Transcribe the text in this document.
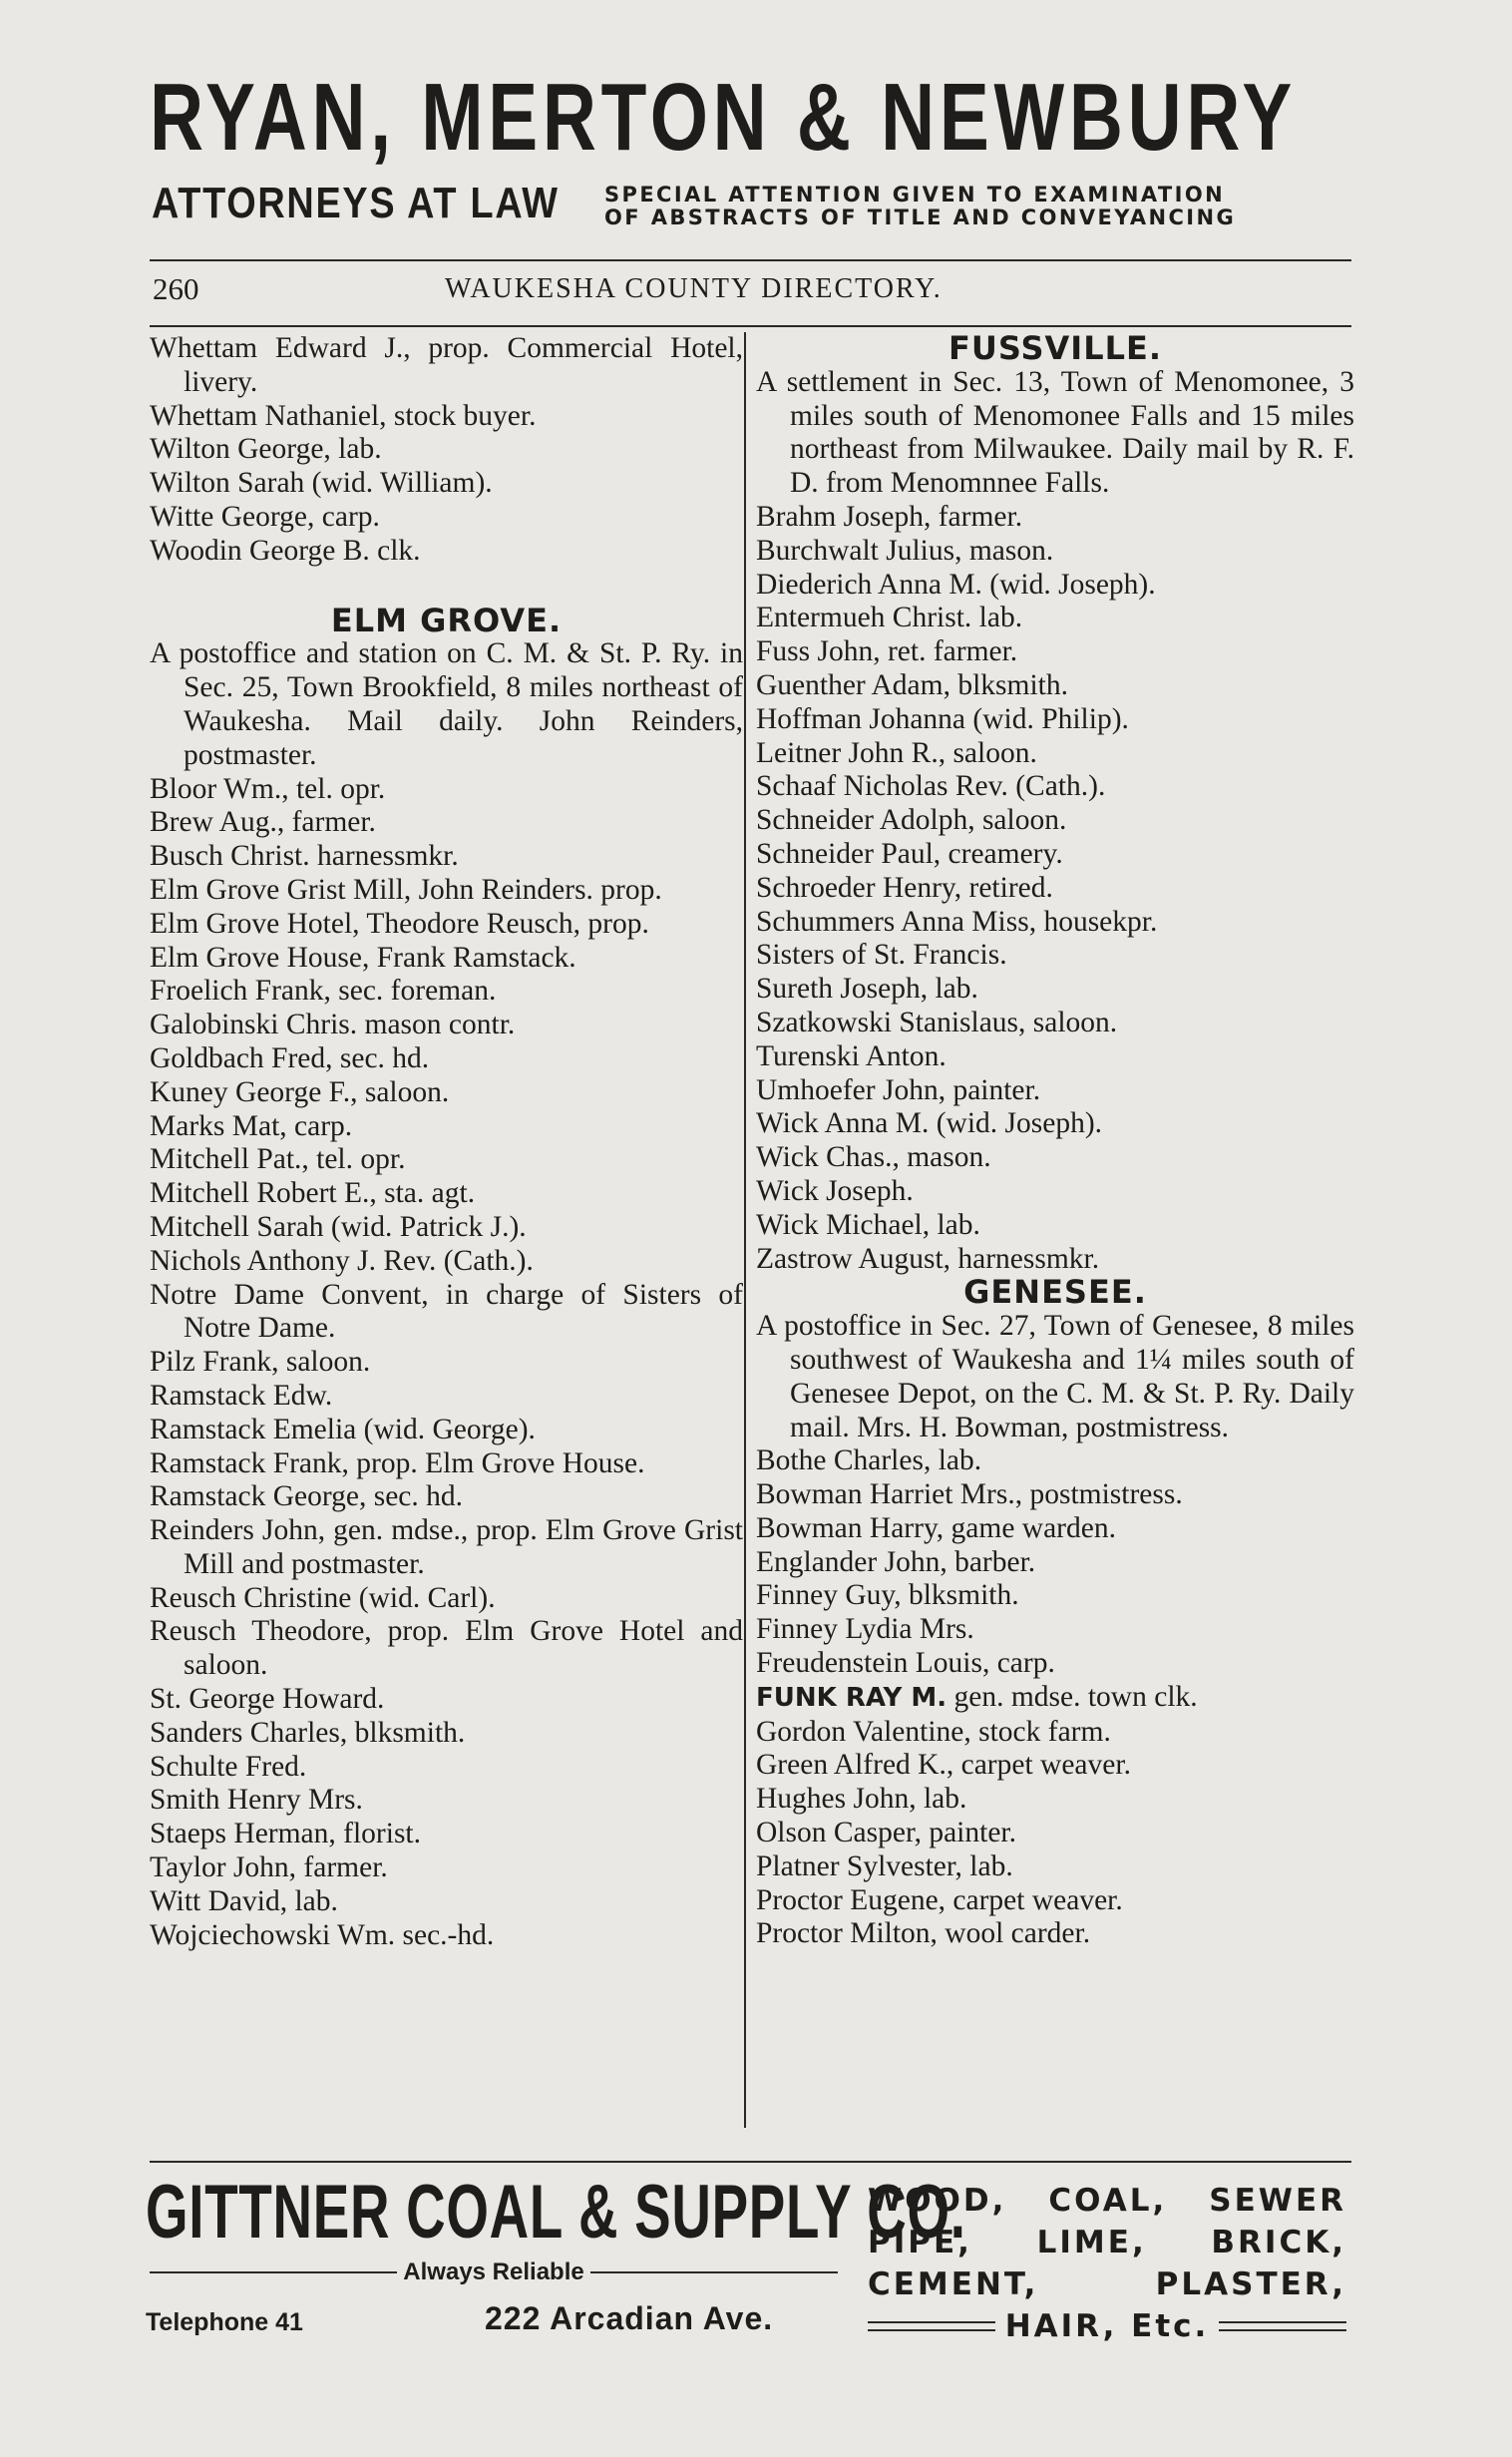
RYAN, MERTON & NEWBURY
ATTORNEYS AT LAW SPECIAL ATTENTION GIVEN TO EXAMINATION
OF ABSTRACTS OF TITLE AND CONVEYANCING
260	WAUKESHA COUNTY DIRECTORY.
Whettam Edward J., prop. Commercial Hotel, livery.
Whettam Nathaniel, stock buyer.
Wilton George, lab.
Wilton Sarah (wid. William).
Witte George, carp.
Woodin George B. clk.
ELM GROVE.
A postoffice and station on C. M. & St. P. Ry. in Sec. 25, Town Brookfield, 8 miles northeast of Waukesha. Mail daily. John Reinders, postmaster.
Bloor Wm., tel. opr.
Brew Aug., farmer.
Busch Christ. harnessmkr.
Elm Grove Grist Mill, John Reinders. prop.
Elm Grove Hotel, Theodore Reusch, prop.
Elm Grove House, Frank Ramstack.
Froelich Frank, sec. foreman.
Galobinski Chris. mason contr.
Goldbach Fred, sec. hd.
Kuney George F., saloon.
Marks Mat, carp.
Mitchell Pat., tel. opr.
Mitchell Robert E., sta. agt.
Mitchell Sarah (wid. Patrick J.).
Nichols Anthony J. Rev. (Cath.).
Notre Dame Convent, in charge of Sisters of Notre Dame.
Pilz Frank, saloon.
Ramstack Edw.
Ramstack Emelia (wid. George).
Ramstack Frank, prop. Elm Grove House.
Ramstack George, sec. hd.
Reinders John, gen. mdse., prop. Elm Grove Grist Mill and postmaster.
Reusch Christine (wid. Carl).
Reusch Theodore, prop. Elm Grove Hotel and saloon.
St. George Howard.
Sanders Charles, blksmith.
Schulte Fred.
Smith Henry Mrs.
Staeps Herman, florist.
Taylor John, farmer.
Witt David, lab.
Wojciechowski Wm. sec.-hd.
FUSSVILLE.
A settlement in Sec. 13, Town of Menomonee, 3 miles south of Menomonee Falls and 15 miles northeast from Milwaukee. Daily mail by R. F. D. from Menomnnee Falls.
Brahm Joseph, farmer.
Burchwalt Julius, mason.
Diederich Anna M. (wid. Joseph).
Entermueh Christ. lab.
Fuss John, ret. farmer.
Guenther Adam, blksmith.
Hoffman Johanna (wid. Philip).
Leitner John R., saloon.
Schaaf Nicholas Rev. (Cath.).
Schneider Adolph, saloon.
Schneider Paul, creamery.
Schroeder Henry, retired.
Schummers Anna Miss, housekpr.
Sisters of St. Francis.
Sureth Joseph, lab.
Szatkowski Stanislaus, saloon.
Turenski Anton.
Umhoefer John, painter.
Wick Anna M. (wid. Joseph).
Wick Chas., mason.
Wick Joseph.
Wick Michael, lab.
Zastrow August, harnessmkr.
GENESEE.
A postoffice in Sec. 27, Town of Genesee, 8 miles southwest of Waukesha and 1¼ miles south of Genesee Depot, on the C. M. & St. P. Ry. Daily mail. Mrs. H. Bowman, postmistress.
Bothe Charles, lab.
Bowman Harriet Mrs., postmistress.
Bowman Harry, game warden.
Englander John, barber.
Finney Guy, blksmith.
Finney Lydia Mrs.
Freudenstein Louis, carp.
FUNK RAY M. gen. mdse. town clk.
Gordon Valentine, stock farm.
Green Alfred K., carpet weaver.
Hughes John, lab.
Olson Casper, painter.
Platner Sylvester, lab.
Proctor Eugene, carpet weaver.
Proctor Milton, wool carder.
GITTNER COAL & SUPPLY CO.
Always Reliable
Telephone 41	222 Arcadian Ave.
WOOD, COAL, SEWER
PIPE, LIME, BRICK,
CEMENT, PLASTER,
HAIR, Etc.
